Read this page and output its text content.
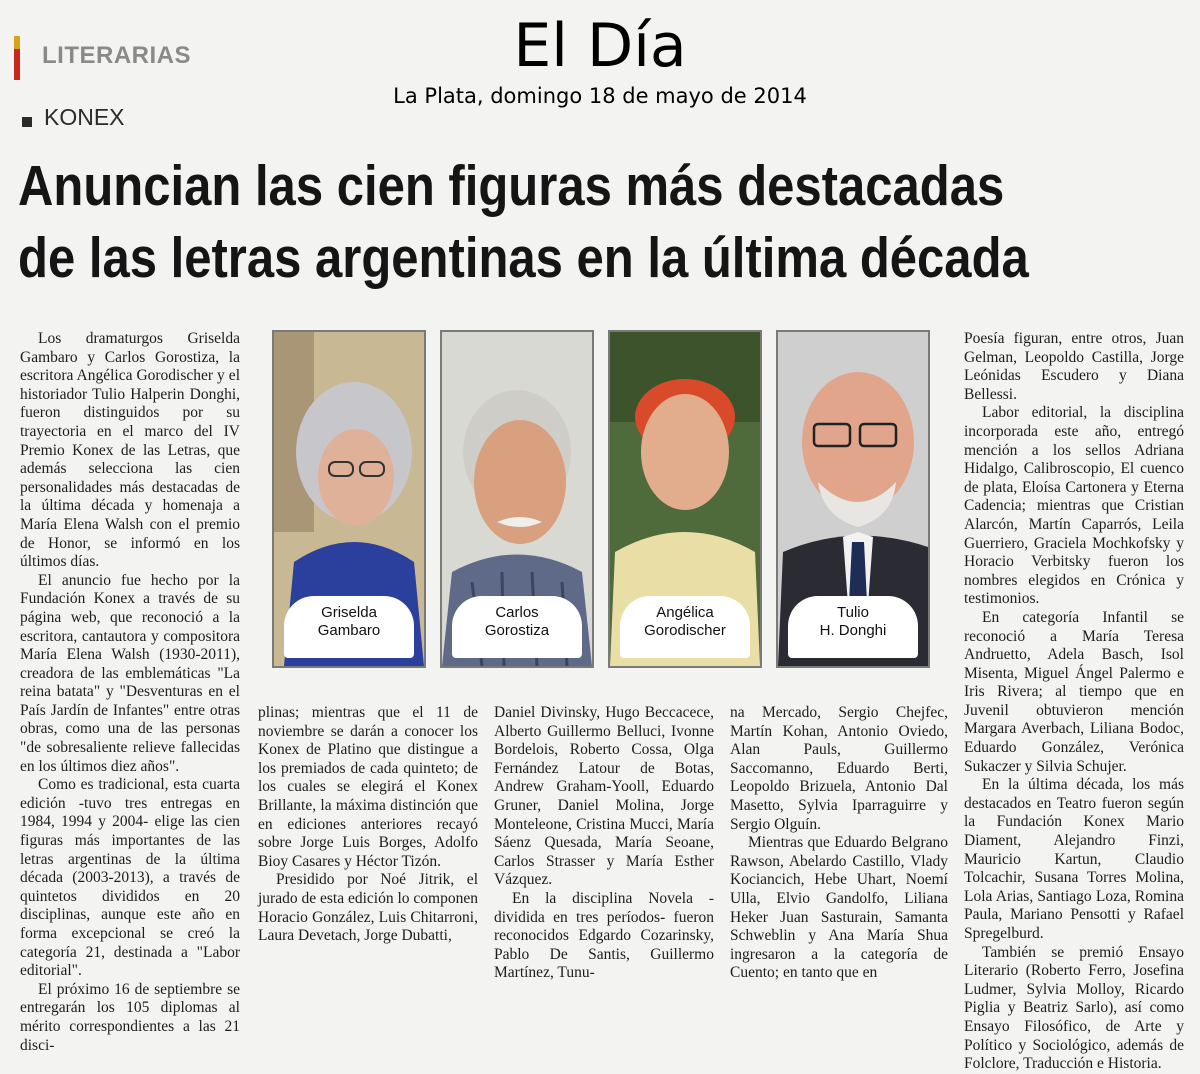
LITERARIAS	El Día
La Plata, domingo 18 de mayo de 2014
KONEX
Anuncian las cien figuras más destacadas
de las letras argentinas en la última década

Los dramaturgos Griselda Gambaro y Carlos Gorostiza, la escritora Angélica Gorodischer y el historiador Tulio Halperin Donghi, fueron distinguidos por su trayectoria en el marco del IV Premio Konex de las Letras, que además selecciona las cien personalidades más destacadas de la última década y homenaja a María Elena Walsh con el premio de Honor, se informó en los últimos días.

El anuncio fue hecho por la Fundación Konex a través de su página web, que reconoció a la escritora, cantautora y compositora María Elena Walsh (1930-2011), creadora de las emblemáticas "La reina batata" y "Desventuras en el País Jardín de Infantes" entre otras obras, como una de las personas "de sobresaliente relieve fallecidas en los últimos diez años".

Como es tradicional, esta cuarta edición -tuvo tres entregas en 1984, 1994 y 2004- elige las cien figuras más importantes de las letras argentinas de la última década (2003-2013), a través de quintetos divididos en 20 disciplinas, aunque este año en forma excepcional se creó la categoría 21, destinada a "Labor editorial".

El próximo 16 de septiembre se entregarán los 105 diplomas al mérito correspondientes a las 21 disci-

Griselda
Gambaro
Carlos
Gorostiza
Angélica
Gorodischer
Tulio
H. Donghi

plinas; mientras que el 11 de noviembre se darán a conocer los Konex de Platino que distingue a los premiados de cada quinteto; de los cuales se elegirá el Konex Brillante, la máxima distinción que en ediciones anteriores recayó sobre Jorge Luis Borges, Adolfo Bioy Casares y Héctor Tizón.

Presidido por Noé Jitrik, el jurado de esta edición lo componen Horacio González, Luis Chitarroni, Laura Devetach, Jorge Dubatti,

Daniel Divinsky, Hugo Beccacece, Alberto Guillermo Belluci, Ivonne Bordelois, Roberto Cossa, Olga Fernández Latour de Botas, Andrew Graham-Yooll, Eduardo Gruner, Daniel Molina, Jorge Monteleone, Cristina Mucci, María Sáenz Quesada, María Seoane, Carlos Strasser y María Esther Vázquez.

En la disciplina Novela -dividida en tres períodos- fueron reconocidos Edgardo Cozarinsky, Pablo De Santis, Guillermo Martínez, Tunu-

na Mercado, Sergio Chejfec, Martín Kohan, Antonio Oviedo, Alan Pauls, Guillermo Saccomanno, Eduardo Berti, Leopoldo Brizuela, Antonio Dal Masetto, Sylvia Iparraguirre y Sergio Olguín.

Mientras que Eduardo Belgrano Rawson, Abelardo Castillo, Vlady Kociancich, Hebe Uhart, Noemí Ulla, Elvio Gandolfo, Liliana Heker Juan Sasturain, Samanta Schweblin y Ana María Shua ingresaron a la categoría de Cuento; en tanto que en

Poesía figuran, entre otros, Juan Gelman, Leopoldo Castilla, Jorge Leónidas Escudero y Diana Bellessi.

Labor editorial, la disciplina incorporada este año, entregó mención a los sellos Adriana Hidalgo, Calibroscopio, El cuenco de plata, Eloísa Cartonera y Eterna Cadencia; mientras que Cristian Alarcón, Martín Caparrós, Leila Guerriero, Graciela Mochkofsky y Horacio Verbitsky fueron los nombres elegidos en Crónica y testimonios.

En categoría Infantil se reconoció a María Teresa Andruetto, Adela Basch, Isol Misenta, Miguel Ángel Palermo e Iris Rivera; al tiempo que en Juvenil obtuvieron mención Margara Averbach, Liliana Bodoc, Eduardo González, Verónica Sukaczer y Silvia Schujer.

En la última década, los más destacados en Teatro fueron según la Fundación Konex Mario Diament, Alejandro Finzi, Mauricio Kartun, Claudio Tolcachir, Susana Torres Molina, Lola Arias, Santiago Loza, Romina Paula, Mariano Pensotti y Rafael Spregelburd.

También se premió Ensayo Literario (Roberto Ferro, Josefina Ludmer, Sylvia Molloy, Ricardo Piglia y Beatriz Sarlo), así como Ensayo Filosófico, de Arte y Político y Sociológico, además de Folclore, Traducción e Historia.
